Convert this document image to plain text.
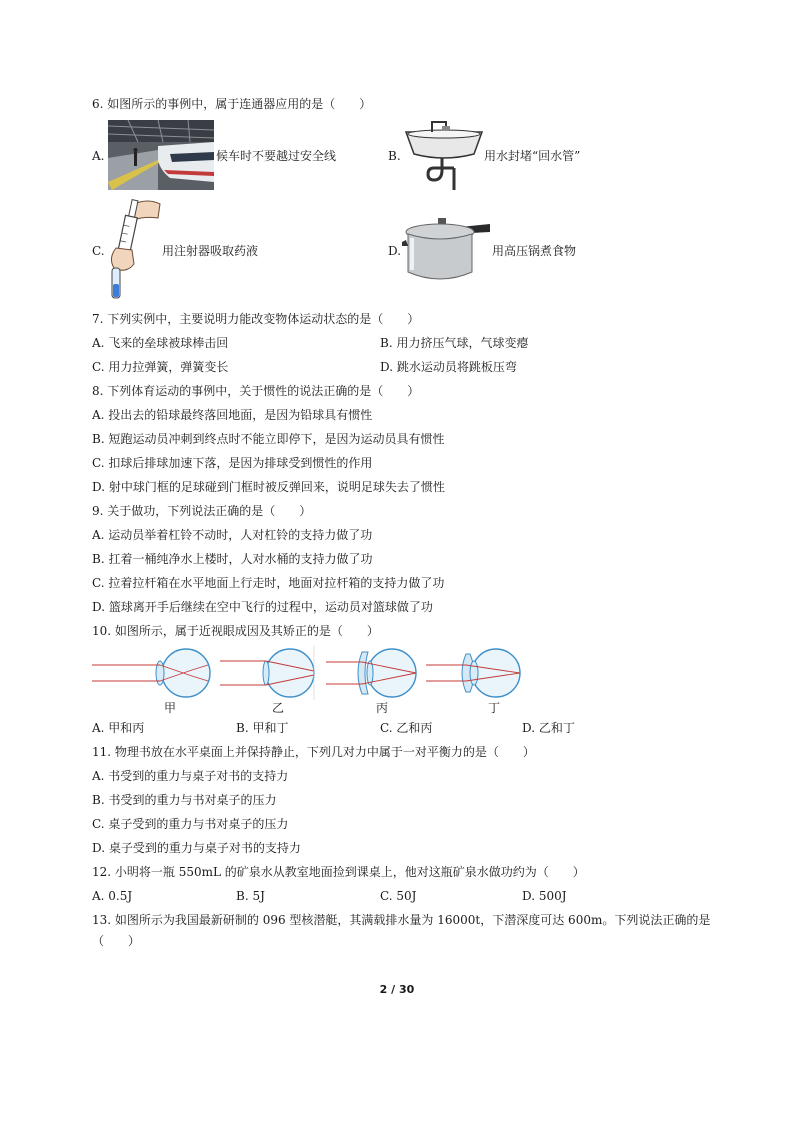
6. 如图所示的事例中，属于连通器应用的是（　　）
A.	候车时不要越过安全线	B.	用水封堵“回水管”
C.	用注射器吸取药液	D.	用高压锅煮食物
7. 下列实例中，主要说明力能改变物体运动状态的是（　　）
A. 飞来的垒球被球棒击回	B. 用力挤压气球，气球变瘪
C. 用力拉弹簧，弹簧变长	D. 跳水运动员将跳板压弯
8. 下列体育运动的事例中，关于惯性的说法正确的是（　　）
A. 投出去的铅球最终落回地面，是因为铅球具有惯性
B. 短跑运动员冲刺到终点时不能立即停下，是因为运动员具有惯性
C. 扣球后排球加速下落，是因为排球受到惯性的作用
D. 射中球门框的足球碰到门框时被反弹回来，说明足球失去了惯性
9. 关于做功，下列说法正确的是（　　）
A. 运动员举着杠铃不动时，人对杠铃的支持力做了功
B. 扛着一桶纯净水上楼时，人对水桶的支持力做了功
C. 拉着拉杆箱在水平地面上行走时，地面对拉杆箱的支持力做了功
D. 篮球离开手后继续在空中飞行的过程中，运动员对篮球做了功
10. 如图所示，属于近视眼成因及其矫正的是（　　）
甲	乙	丙	丁
A. 甲和丙	B. 甲和丁	C. 乙和丙	D. 乙和丁
11. 物理书放在水平桌面上并保持静止，下列几对力中属于一对平衡力的是（　　）
A. 书受到的重力与桌子对书的支持力
B. 书受到的重力与书对桌子的压力
C. 桌子受到的重力与书对桌子的压力
D. 桌子受到的重力与桌子对书的支持力
12. 小明将一瓶 550mL 的矿泉水从教室地面捡到课桌上，他对这瓶矿泉水做功约为（　　）
A. 0.5J	B. 5J	C. 50J	D. 500J
13. 如图所示为我国最新研制的 096 型核潜艇，其满载排水量为 16000t，下潜深度可达 600m。下列说法正确的是
（　　）
2 / 30
